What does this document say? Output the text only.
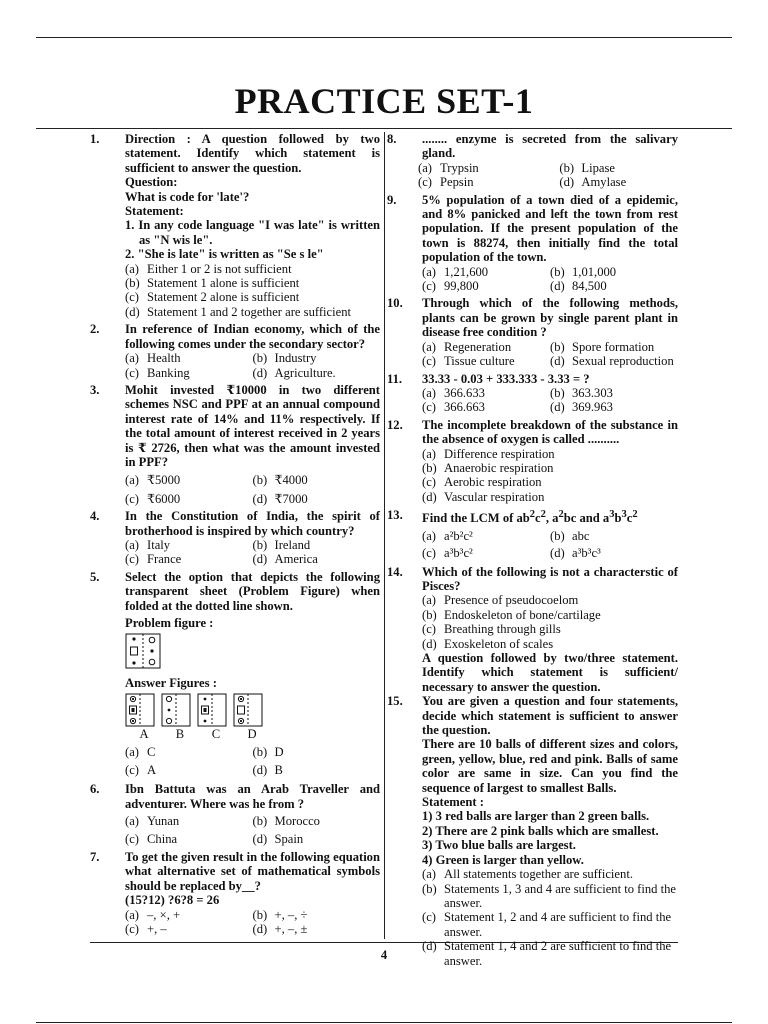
PRACTICE SET-1
4
1. Direction : A question followed by two statement. Identify which statement is sufficient to answer the question.
Question:
What is code for 'late'?
Statement:
1. In any code language "I was late" is written as "N wis le".
2. "She is late" is written as "Se s le"
(a) Either 1 or 2 is not sufficient
(b) Statement 1 alone is sufficient
(c) Statement 2 alone is sufficient
(d) Statement 1 and 2 together are sufficient
2. In reference of Indian economy, which of the following comes under the secondary sector?
(a) Health	(b) Industry
(c) Banking	(d) Agriculture.
3. Mohit invested ₹10000 in two different schemes NSC and PPF at an annual compound interest rate of 14% and 11% respectively. If the total amount of interest received in 2 years is ₹ 2726, then what was the amount invested in PPF?
(a) ₹5000	(b) ₹4000
(c) ₹6000	(d) ₹7000
4. In the Constitution of India, the spirit of brotherhood is inspired by which country?
(a) Italy	(b) Ireland
(c) France	(d) America
5. Select the option that depicts the following transparent sheet (Problem Figure) when folded at the dotted line shown.
Problem figure :
Answer Figures :
A	B	C	D
(a) C	(b) D
(c) A	(d) B
6. Ibn Battuta was an Arab Traveller and adventurer. Where was he from ?
(a) Yunan	(b) Morocco
(c) China	(d) Spain
7. To get the given result in the following equation what alternative set of mathematical symbols should be replaced by__?
(15?12) ?6?8 = 26
(a) –, ×, +	(b) +, –, ÷
(c) +, –	(d) +, –, ±
8. ........ enzyme is secreted from the salivary gland.
(a) Trypsin	(b) Lipase
(c) Pepsin	(d) Amylase
9. 5% population of a town died of a epidemic, and 8% panicked and left the town from rest population. If the present population of the town is 88274, then initially find the total population of the town.
(a) 1,21,600	(b) 1,01,000
(c) 99,800	(d) 84,500
10. Through which of the following methods, plants can be grown by single parent plant in disease free condition ?
(a) Regeneration	(b) Spore formation
(c) Tissue culture	(d) Sexual reproduction
11. 33.33 - 0.03 + 333.333 - 3.33 = ?
(a) 366.633	(b) 363.303
(c) 366.663	(d) 369.963
12. The incomplete breakdown of the substance in the absence of oxygen is called ..........
(a) Difference respiration
(b) Anaerobic respiration
(c) Aerobic respiration
(d) Vascular respiration
13. Find the LCM of $ab^2c^2$, $a^2bc$ and $a^3b^3c^2$
(a) a²b²c²	(b) abc
(c) a³b³c²	(d) a³b³c³
14. Which of the following is not a characterstic of Pisces?
(a) Presence of pseudocoelom
(b) Endoskeleton of bone/cartilage
(c) Breathing through gills
(d) Exoskeleton of scales
A question followed by two/three statement. Identify which statement is sufficient/ necessary to answer the question.
15. You are given a question and four statements, decide which statement is sufficient to answer the question.
There are 10 balls of different sizes and colors, green, yellow, blue, red and pink. Balls of same color are same in size. Can you find the sequence of largest to smallest Balls.
Statement :
1) 3 red balls are larger than 2 green balls.
2) There are 2 pink balls which are smallest.
3) Two blue balls are largest.
4) Green is larger than yellow.
(a) All statements together are sufficient.
(b) Statements 1, 3 and 4 are sufficient to find the answer.
(c) Statement 1, 2 and 4 are sufficient to find the answer.
(d) Statement 1, 4 and 2 are sufficient to find the answer.
